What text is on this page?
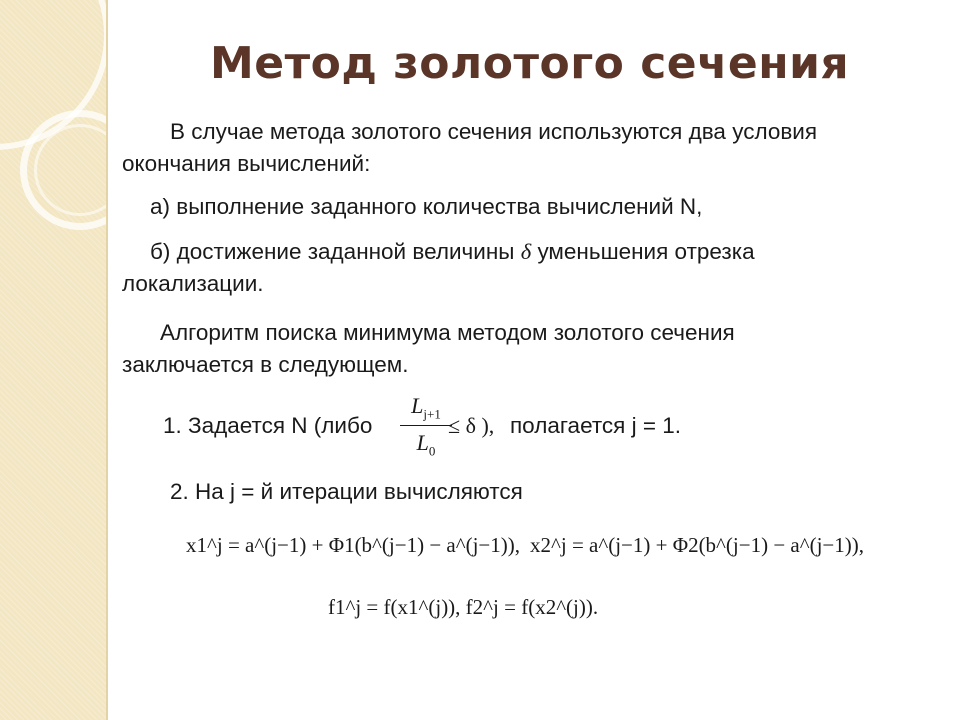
Метод золотого сечения

В случае метода золотого сечения используются два условия окончания вычислений:

а) выполнение заданного количества вычислений N,

б) достижение заданной величины δ уменьшения отрезка локализации.

Алгоритм поиска минимума методом золотого сечения заключается в следующем.

1. Задается N (либо
$L_{j+1}$
$L_0$
≤ δ ), полагается j = 1.
2. На j = й итерации вычисляются
x1^j = a^(j−1) + Φ1(b^(j−1) − a^(j−1)), x2^j = a^(j−1) + Φ2(b^(j−1) − a^(j−1)),
f1^j = f(x1^(j)), f2^j = f(x2^(j)).
